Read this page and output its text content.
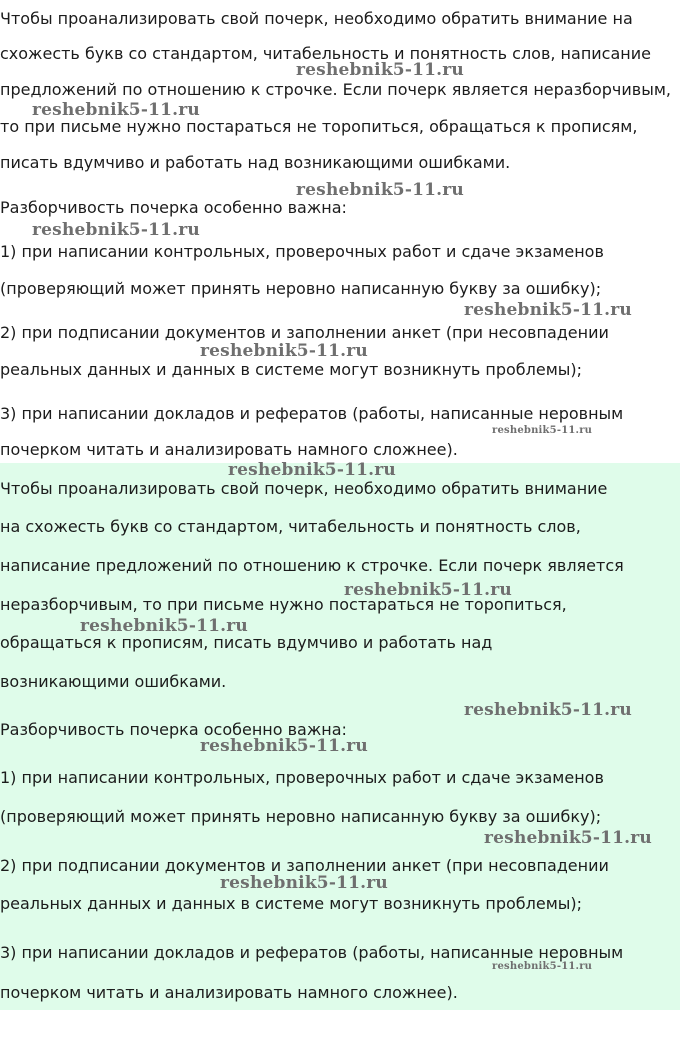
Чтобы проанализировать свой почерк, необходимо обратить внимание на
схожесть букв со стандартом, читабельность и понятность слов, написание
предложений по отношению к строчке. Если почерк является неразборчивым,
то при письме нужно постараться не торопиться, обращаться к прописям,
писать вдумчиво и работать над возникающими ошибками.
Разборчивость почерка особенно важна:
1) при написании контрольных, проверочных работ и сдаче экзаменов
(проверяющий может принять неровно написанную букву за ошибку);
2) при подписании документов и заполнении анкет (при несовпадении
реальных данных и данных в системе могут возникнуть проблемы);
3) при написании докладов и рефератов (работы, написанные неровным
почерком читать и анализировать намного сложнее).
Чтобы проанализировать свой почерк, необходимо обратить внимание
на схожесть букв со стандартом, читабельность и понятность слов,
написание предложений по отношению к строчке. Если почерк является
неразборчивым, то при письме нужно постараться не торопиться,
обращаться к прописям, писать вдумчиво и работать над
возникающими ошибками.
Разборчивость почерка особенно важна:
1) при написании контрольных, проверочных работ и сдаче экзаменов
(проверяющий может принять неровно написанную букву за ошибку);
2) при подписании документов и заполнении анкет (при несовпадении
реальных данных и данных в системе могут возникнуть проблемы);
3) при написании докладов и рефератов (работы, написанные неровным
почерком читать и анализировать намного сложнее).
reshebnik5-11.ru
reshebnik5-11.ru
reshebnik5-11.ru
reshebnik5-11.ru
reshebnik5-11.ru
reshebnik5-11.ru
reshebnik5-11.ru
reshebnik5-11.ru
reshebnik5-11.ru
reshebnik5-11.ru
reshebnik5-11.ru
reshebnik5-11.ru
reshebnik5-11.ru
reshebnik5-11.ru
reshebnik5-11.ru
